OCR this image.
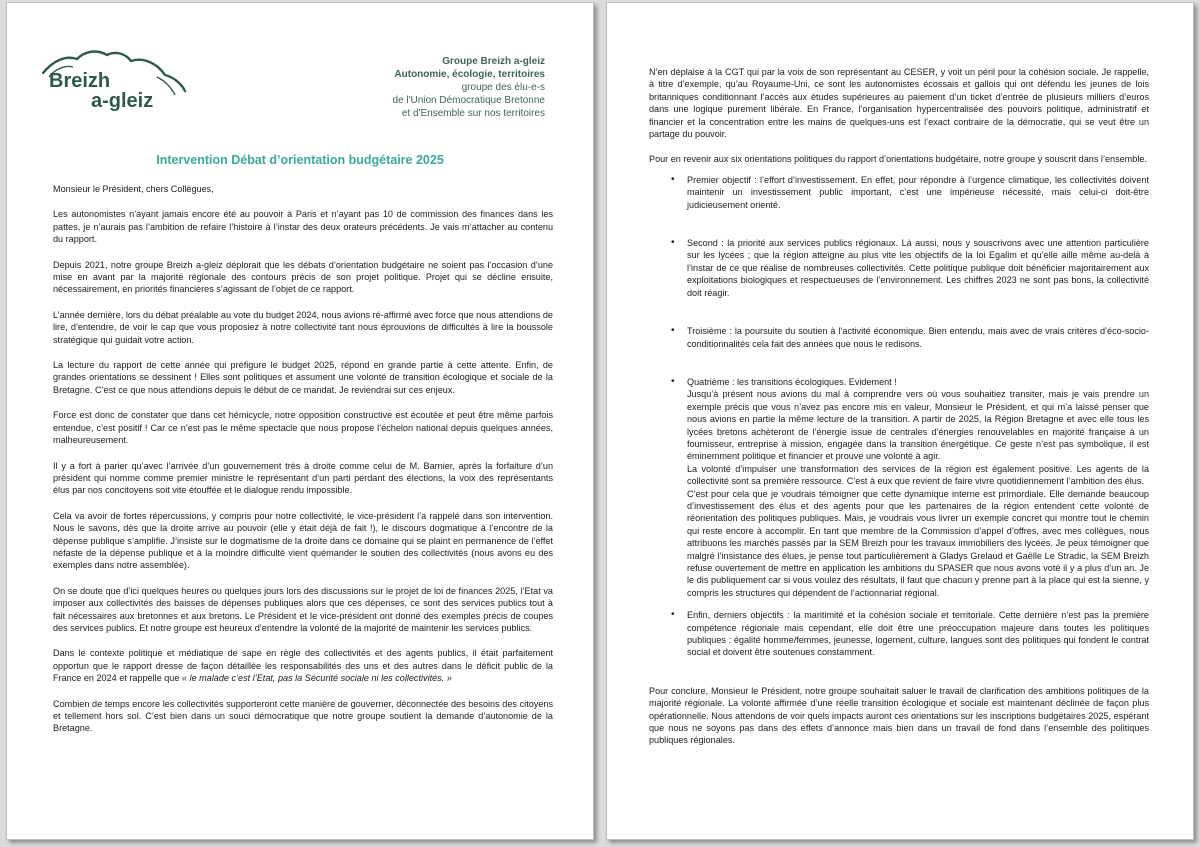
Breizh
a-gleiz
Groupe Breizh a-gleiz
Autonomie, écologie, territoires
groupe des élu-e-s
de l'Union Démocratique Bretonne
et d'Ensemble sur nos territoires
Intervention Débat d’orientation budgétaire 2025

Monsieur le Président, chers Collègues,

Les autonomistes n’ayant jamais encore été au pouvoir à Paris et n’ayant pas 10 de commission des finances dans les pattes, je n’aurais pas l’ambition de refaire l’histoire à l’instar des deux orateurs précédents. Je vais m’attacher au contenu du rapport.

Depuis 2021, notre groupe Breizh a-gleiz déplorait que les débats d’orientation budgétaire ne soient pas l’occasion d’une mise en avant par la majorité régionale des contours précis de son projet politique. Projet qui se décline ensuite, nécessairement, en priorités financières s’agissant de l’objet de ce rapport.

L’année dernière, lors du débat préalable au vote du budget 2024, nous avions ré-affirmé avec force que nous attendions de lire, d’entendre, de voir le cap que vous proposiez à notre collectivité tant nous éprouvions de difficultés à lire la boussole stratégique qui guidait votre action.

La lecture du rapport de cette année qui préfigure le budget 2025, répond en grande partie à cette attente. Enfin, de grandes orientations se dessinent ! Elles sont politiques et assument une volonté de transition écologique et sociale de la Bretagne. C’est ce que nous attendions depuis le début de ce mandat. Je reviendrai sur ces enjeux.

Force est donc de constater que dans cet hémicycle, notre opposition constructive est écoutée et peut être même parfois entendue, c’est positif ! Car ce n’est pas le même spectacle que nous propose l’échelon national depuis quelques années, malheureusement.

Il y a fort à parier qu’avec l’arrivée d’un gouvernement très à droite comme celui de M. Barnier, après la forfaiture d’un président qui nomme comme premier ministre le représentant d’un parti perdant des élections, la voix des représentants élus par nos concitoyens soit vite étouffée et le dialogue rendu impossible.

Cela va avoir de fortes répercussions, y compris pour notre collectivité, le vice-président l’a rappelé dans son intervention. Nous le savons, dès que la droite arrive au pouvoir (elle y était déjà de fait !), le discours dogmatique à l’encontre de la dépense publique s’amplifie. J’insiste sur le dogmatisme de la droite dans ce domaine qui se plaint en permanence de l’effet néfaste de la dépense publique et à la moindre difficulté vient quémander le soutien des collectivités (nous avons eu des exemples dans notre assemblée).

On se doute que d’ici quelques heures ou quelques jours lors des discussions sur le projet de loi de finances 2025, l’Etat va imposer aux collectivités des baisses de dépenses publiques alors que ces dépenses, ce sont des services publics tout à fait nécessaires aux bretonnes et aux bretons. Le Président et le vice-président ont donné des exemples précis de coupes des services publics. Et notre groupe est heureux d’entendre la volonté de la majorité de maintenir les services publics.

Dans le contexte politique et médiatique de sape en règle des collectivités et des agents publics, il était parfaitement opportun que le rapport dresse de façon détaillée les responsabilités des uns et des autres dans le déficit public de la France en 2024 et rappelle que « le malade c’est l’Etat, pas la Sécurité sociale ni les collectivités. »

Combien de temps encore les collectivités supporteront cette manière de gouverner, déconnectée des besoins des citoyens et tellement hors sol. C’est bien dans un souci démocratique que notre groupe soutient la demande d’autonomie de la Bretagne.

N’en déplaise à la CGT qui par la voix de son représentant au CESER, y voit un péril pour la cohésion sociale. Je rappelle, à titre d’exemple, qu’au Royaume-Uni, ce sont les autonomistes écossais et gallois qui ont défendu les jeunes de lois britanniques conditionnant l’accès aux études supérieures au paiement d’un ticket d’entrée de plusieurs milliers d’euros dans une logique purement libérale. En France, l’organisation hypercentralisée des pouvoirs politique, administratif et financier et la concentration entre les mains de quelques-uns est l’exact contraire de la démocratie, qui se veut être un partage du pouvoir.

Pour en revenir aux six orientations politiques du rapport d’orientations budgétaire, notre groupe y souscrit dans l’ensemble.

• Premier objectif : l’effort d’investissement. En effet, pour répondre à l’urgence climatique, les collectivités doivent maintenir un investissement public important, c’est une impérieuse nécessité, mais celui-ci doit-être judicieusement orienté.

• Second : la priorité aux services publics régionaux. Là aussi, nous y souscrivons avec une attention particulière sur les lycées ; que la région atteigne au plus vite les objectifs de la loi Egalim et qu’elle aille même au-delà à l’instar de ce que réalise de nombreuses collectivités. Cette politique publique doit bénéficier majoritairement aux exploitations biologiques et respectueuses de l’environnement. Les chiffres 2023 ne sont pas bons, la collectivité doit réagir.

• Troisième : la poursuite du soutien à l’activité économique. Bien entendu, mais avec de vrais critères d’éco-socio-conditionnalités cela fait des années que nous le redisons.

• Quatrième : les transitions écologiques. Evidement !

Jusqu’à présent nous avions du mal à comprendre vers où vous souhaitiez transiter, mais je vais prendre un exemple précis que vous n’avez pas encore mis en valeur, Monsieur le Président, et qui m’a laissé penser que nous avions en partie la même lecture de la transition. A partir de 2025, la Région Bretagne et avec elle tous les lycées bretons achèteront de l’énergie issue de centrales d’énergies renouvelables en majorité française à un fournisseur, entreprise à mission, engagée dans la transition énergétique. Ce geste n’est pas symbolique, il est éminemment politique et financier et prouve une volonté à agir.

La volonté d’impulser une transformation des services de la région est également positive. Les agents de la collectivité sont sa première ressource. C’est à eux que revient de faire vivre quotidiennement l’ambition des élus.

C’est pour cela que je voudrais témoigner que cette dynamique interne est primordiale. Elle demande beaucoup d’investissement des élus et des agents pour que les partenaires de la région entendent cette volonté de réorientation des politiques publiques. Mais, je voudrais vous livrer un exemple concret qui montre tout le chemin qui reste encore à accomplir. En tant que membre de la Commission d’appel d’offres, avec mes collègues, nous attribuons les marchés passés par la SEM Breizh pour les travaux immobiliers des lycées. Je peux témoigner que malgré l’insistance des élues, je pense tout particulièrement à Gladys Grelaud et Gaëlle Le Stradic, la SEM Breizh refuse ouvertement de mettre en application les ambitions du SPASER que nous avons voté il y a plus d’un an. Je le dis publiquement car si vous voulez des résultats, il faut que chacun y prenne part à la place qui est la sienne, y compris les structures qui dépendent de l’actionnariat régional.

• Enfin, derniers objectifs : la maritimité et la cohésion sociale et territoriale. Cette dernière n’est pas la première compétence régionale mais cependant, elle doit être une préoccupation majeure dans toutes les politiques publiques : égalité homme/femmes, jeunesse, logement, culture, langues sont des politiques qui fondent le contrat social et doivent être soutenues constamment.

Pour conclure, Monsieur le Président, notre groupe souhaitait saluer le travail de clarification des ambitions politiques de la majorité régionale. La volonté affirmée d’une réelle transition écologique et sociale est maintenant déclinée de façon plus opérationnelle. Nous attendons de voir quels impacts auront ces orientations sur les inscriptions budgétaires 2025, espérant que nous ne soyons pas dans des effets d’annonce mais bien dans un travail de fond dans l’ensemble des politiques publiques régionales.
